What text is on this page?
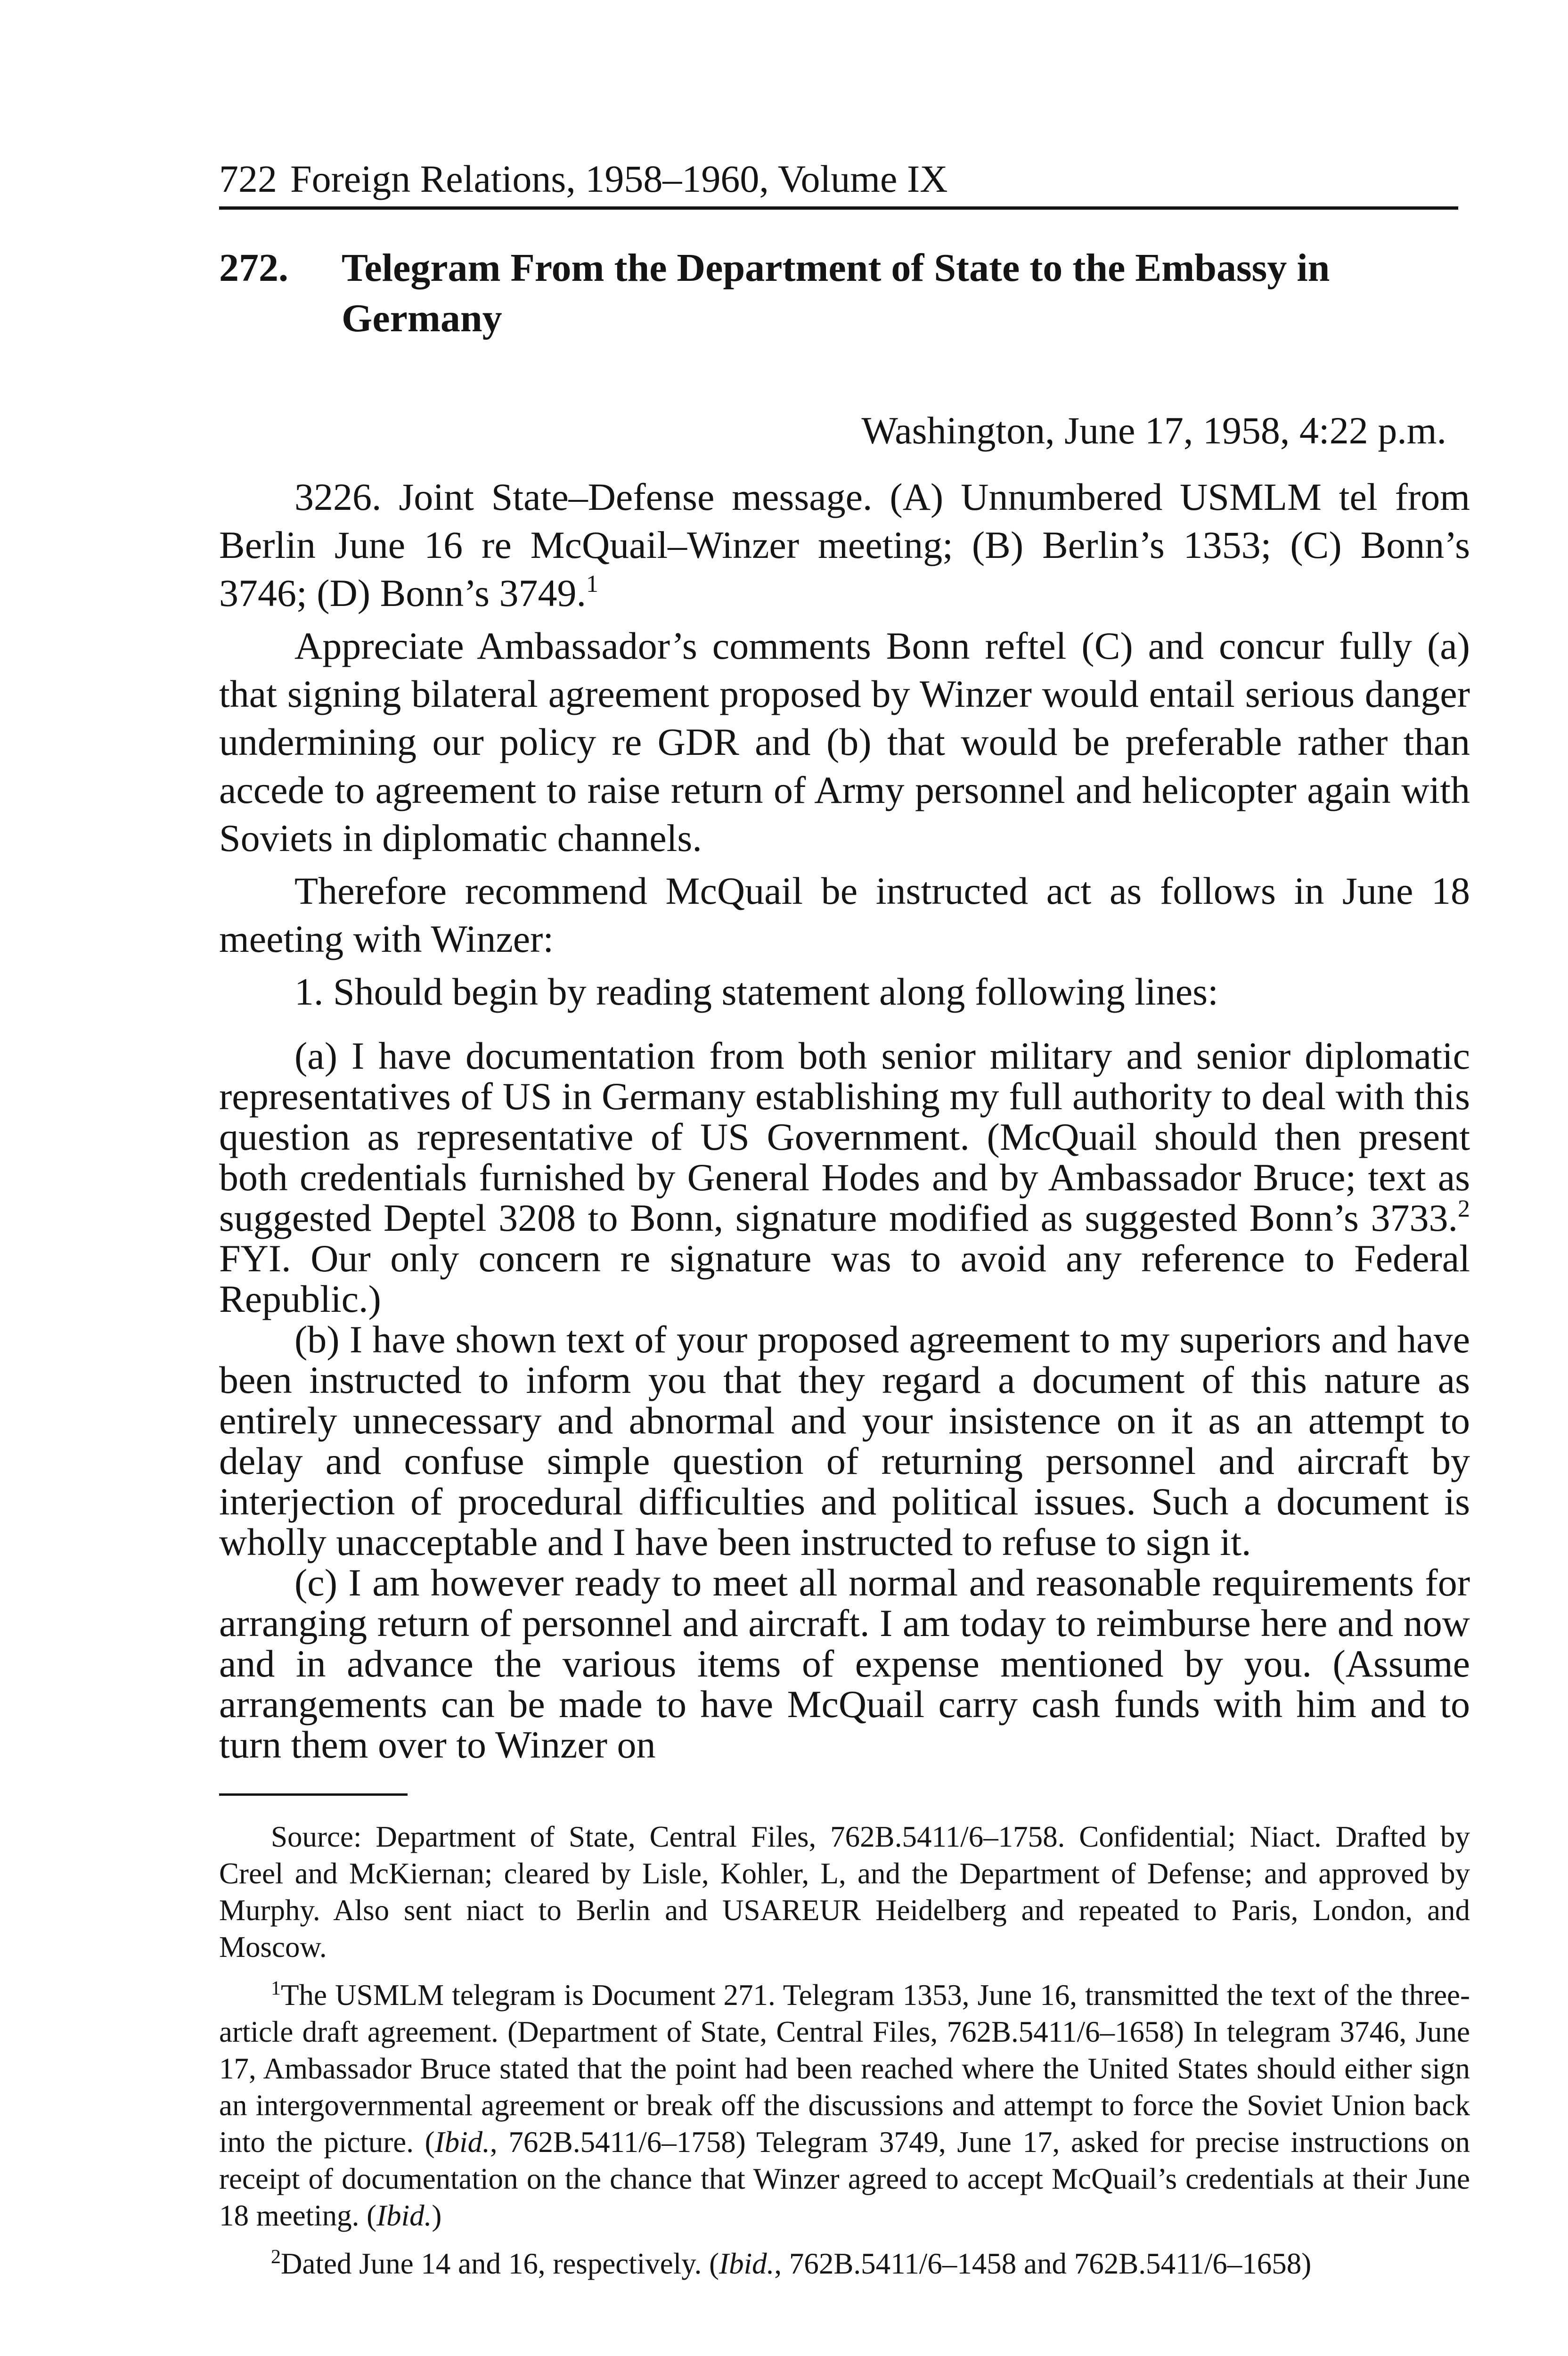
722 Foreign Relations, 1958–1960, Volume IX
272.	Telegram From the Department of State to the Embassy in Germany
Washington, June 17, 1958, 4:22 p.m.

3226. Joint State–Defense message. (A) Unnumbered USMLM tel from Berlin June 16 re McQuail–Winzer meeting; (B) Berlin’s 1353; (C) Bonn’s 3746; (D) Bonn’s 3749.$^1$

Appreciate Ambassador’s comments Bonn reftel (C) and concur fully (a) that signing bilateral agreement proposed by Winzer would entail serious danger undermining our policy re GDR and (b) that would be preferable rather than accede to agreement to raise return of Army personnel and helicopter again with Soviets in diplomatic channels.

Therefore recommend McQuail be instructed act as follows in June 18 meeting with Winzer:

1. Should begin by reading statement along following lines:

(a) I have documentation from both senior military and senior diplomatic representatives of US in Germany establishing my full authority to deal with this question as representative of US Government. (McQuail should then present both credentials furnished by General Hodes and by Ambassador Bruce; text as suggested Deptel 3208 to Bonn, signature modified as suggested Bonn’s 3733.$^2$ FYI. Our only concern re signature was to avoid any reference to Federal Republic.)

(b) I have shown text of your proposed agreement to my superiors and have been instructed to inform you that they regard a document of this nature as entirely unnecessary and abnormal and your insistence on it as an attempt to delay and confuse simple question of returning personnel and aircraft by interjection of procedural difficulties and political issues. Such a document is wholly unacceptable and I have been instructed to refuse to sign it.

(c) I am however ready to meet all normal and reasonable requirements for arranging return of personnel and aircraft. I am today to reimburse here and now and in advance the various items of expense mentioned by you. (Assume arrangements can be made to have McQuail carry cash funds with him and to turn them over to Winzer on

Source: Department of State, Central Files, 762B.5411/6–1758. Confidential; Niact. Drafted by Creel and McKiernan; cleared by Lisle, Kohler, L, and the Department of Defense; and approved by Murphy. Also sent niact to Berlin and USAREUR Heidelberg and repeated to Paris, London, and Moscow.

$^1$The USMLM telegram is Document 271. Telegram 1353, June 16, transmitted the text of the three-article draft agreement. (Department of State, Central Files, 762B.5411/6–1658) In telegram 3746, June 17, Ambassador Bruce stated that the point had been reached where the United States should either sign an intergovernmental agreement or break off the discussions and attempt to force the Soviet Union back into the picture. (Ibid., 762B.5411/6–1758) Telegram 3749, June 17, asked for precise instructions on receipt of documentation on the chance that Winzer agreed to accept McQuail’s credentials at their June 18 meeting. (Ibid.)

$^2$Dated June 14 and 16, respectively. (Ibid., 762B.5411/6–1458 and 762B.5411/6–1658)
